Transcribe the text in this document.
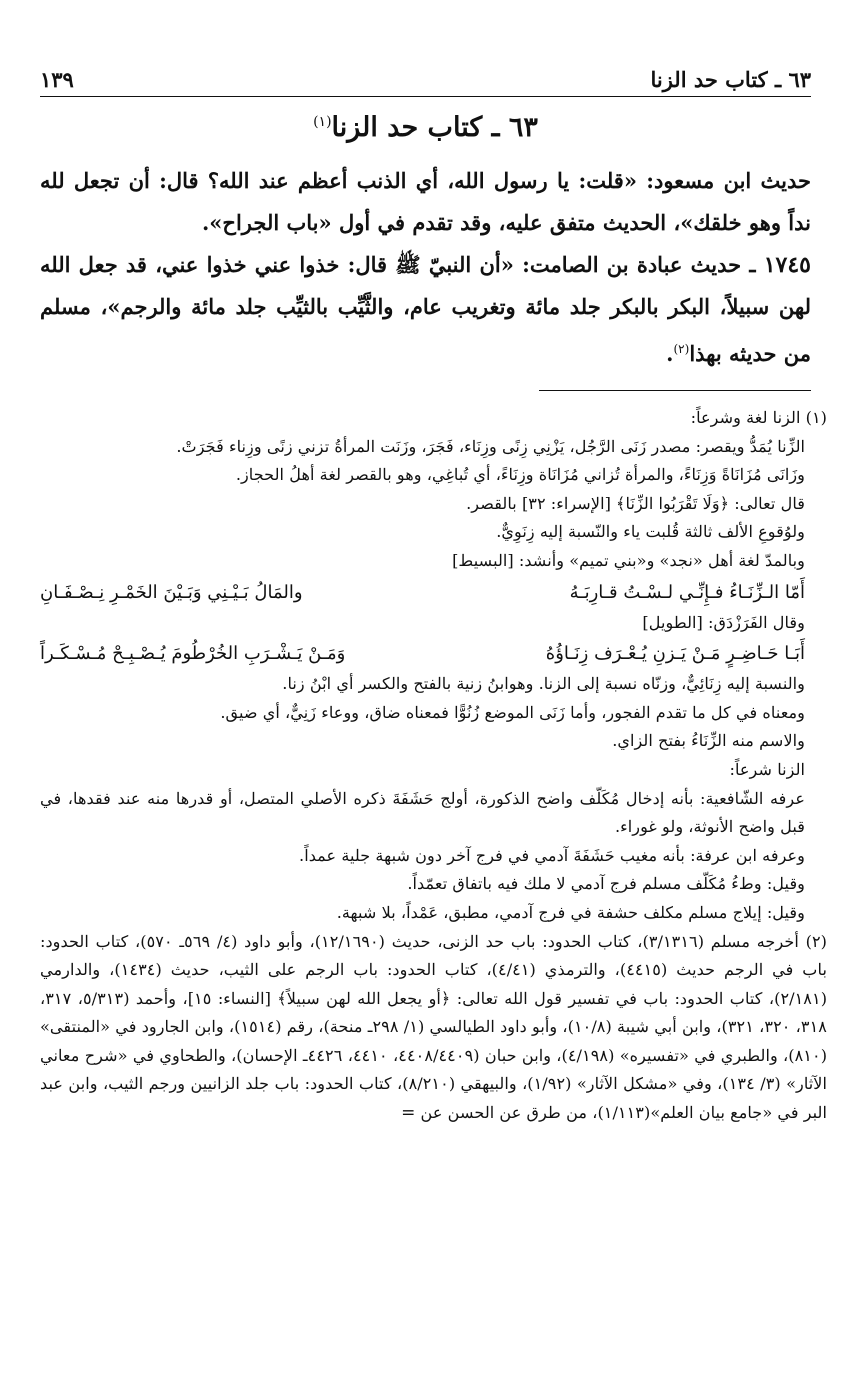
٦٣ ـ كتاب حد الزنا
١٣٩
٦٣ ـ كتاب حد الزنا$^{(١)}$

حديث ابن مسعود: «قلت: يا رسول الله، أي الذنب أعظم عند الله؟ قال: أن تجعل لله نداً وهو خلقك»، الحديث متفق عليه، وقد تقدم في أول «باب الجراح».

١٧٤٥ ـ حديث عبادة بن الصامت: «أن النبيّ ﷺ قال: خذوا عني خذوا عني، قد جعل الله لهن سبيلاً، البكر بالبكر جلد مائة وتغريب عام، والثَّيِّب بالثيِّب جلد مائة والرجم»، مسلم من حديثه بهذا$^{(٢)}$.

(١) الزنا لغة وشرعاً:

الزِّنا يُمَدُّ ويقصر: مصدر زَنَى الرَّجُل، يَزْنِي زِنًى وزِنَاء، فَجَرَ، وزَنَت المرأةُ تزني زنًى وزِناء فَجَرَتْ.

وزَانَى مُزَانَاةً وَزِنَاءً، والمرأة تُزاني مُزَانَاة وزِنَاءً، أي تُباغِي، وهو بالقصر لغة أهلُ الحجاز.

قال تعالى: ﴿وَلَا تَقْرَبُوا الزِّنَا﴾ [الإسراء: ٣٢] بالقصر.

ولوُقوعِ الألف ثالثة قُلبت ياء والنّسبة إليه زِنَوِيٌّ.

وبالمدّ لغة أهل «نجد» و«بني تميم» وأنشد: [البسيط]

أَمّا الـزِّنَـاءُ فـإِنِّـي لـسْـتُ قـارِبَـهُ
والمَالُ بَـيْـنِي وَبَـيْنَ الخَمْـرِ نِـصْـفَـانِ

وقال الفَرَزْدَق: [الطويل]

أَبَـا حَـاضِـرٍ مَـنْ يَـزنِ يُـعْـرَف زِنَـاؤُهُ
وَمَـنْ يَـشْـرَبِ الخُرْطُومَ يُـصْـبِـحْ مُـسْـكَـراً

والنسبة إليه زِنَائِيٌّ، وزنّاه نسبة إلى الزنا. وهوابنُ زنية بالفتح والكسر أي ابْنُ زنا.

ومعناه في كل ما تقدم الفجور، وأما زَنَى الموضع زُنُوًّا فمعناه ضاق، ووعاء زَنِيٌّ، أي ضيق.

والاسم منه الزِّنَاءُ بفتح الزاي.

الزنا شرعاً:

عرفه الشّافعية: بأنه إدخال مُكَلّف واضح الذكورة، أولج حَشَفَةَ ذكره الأصلي المتصل، أو قدرها منه عند فقدها، في قبل واضح الأنوثة، ولو غوراء.

وعرفه ابن عرفة: بأنه مغيب حَشَفَةَ آدمي في فرج آخر دون شبهة جلية عمداً.

وقيل: وطءُ مُكَلّف مسلم فرج آدمي لا ملك فيه باتفاق تعمّداً.

وقيل: إيلاج مسلم مكلف حشفة في فرج آدمي، مطبق، عَمْداً، بلا شبهة.

(٢) أخرجه مسلم (٣/١٣١٦)، كتاب الحدود: باب حد الزنى، حديث (١٢/١٦٩٠)، وأبو داود (٤/ ٥٦٩ـ ٥٧٠)، كتاب الحدود: باب في الرجم حديث (٤٤١٥)، والترمذي (٤/٤١)، كتاب الحدود: باب الرجم على الثيب، حديث (١٤٣٤)، والدارمي (٢/١٨١)، كتاب الحدود: باب في تفسير قول الله تعالى: ﴿أو يجعل الله لهن سبيلاً﴾ [النساء: ١٥]، وأحمد (٥/٣١٣، ٣١٧، ٣١٨، ٣٢٠، ٣٢١)، وابن أبي شيبة (١٠/٨)، وأبو داود الطيالسي (١/ ٢٩٨ـ منحة)، رقم (١٥١٤)، وابن الجارود في «المنتقى» (٨١٠)، والطبري في «تفسيره» (٤/١٩٨)، وابن حبان (٤٤٠٨/٤٤٠٩، ٤٤١٠، ٤٤٢٦ـ الإحسان)، والطحاوي في «شرح معاني الآثار» (٣/ ١٣٤)، وفي «مشكل الآثار» (١/٩٢)، والبيهقي (٨/٢١٠)، كتاب الحدود: باب جلد الزانيين ورجم الثيب، وابن عبد البر في «جامع بيان العلم»(١/١١٣)، من طرق عن الحسن عن =
